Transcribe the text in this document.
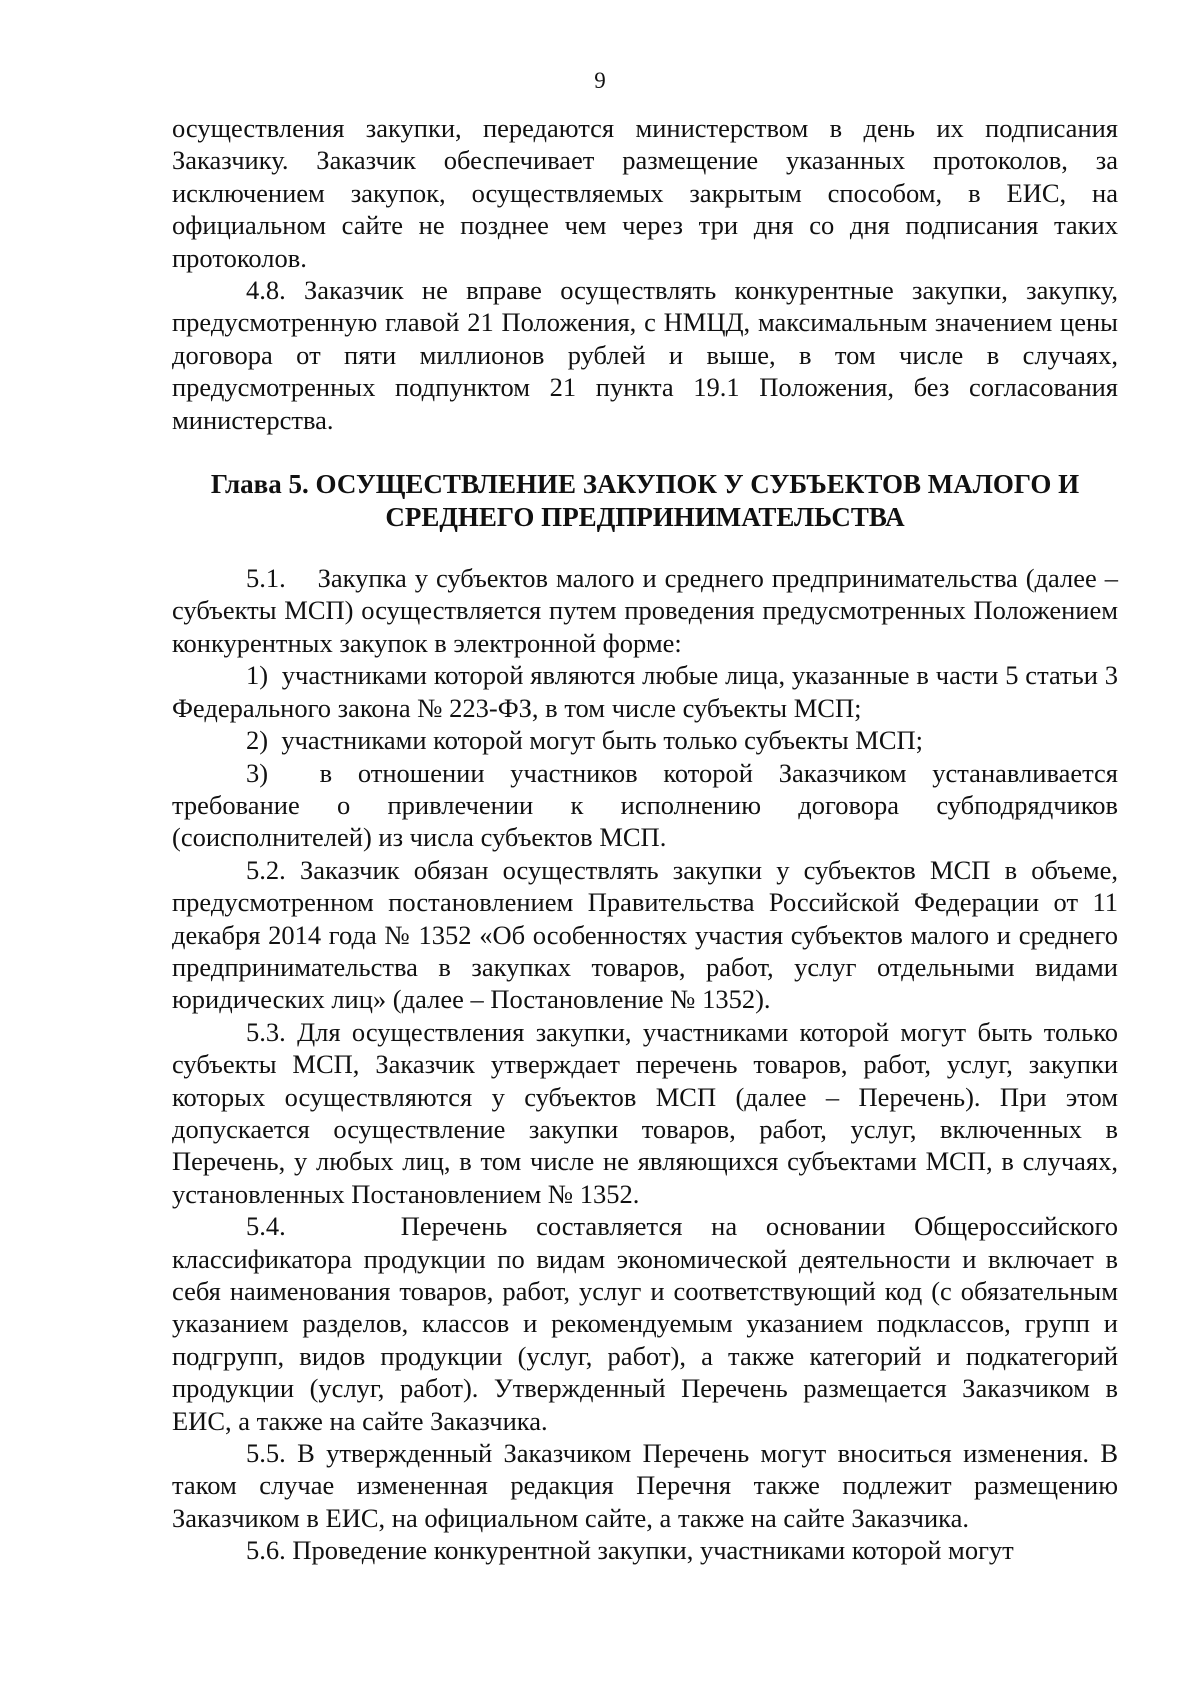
9

осуществления закупки, передаются министерством в день их подписания Заказчику. Заказчик обеспечивает размещение указанных протоколов, за исключением закупок, осуществляемых закрытым способом, в ЕИС, на официальном сайте не позднее чем через три дня со дня подписания таких протоколов.

4.8. Заказчик не вправе осуществлять конкурентные закупки, закупку, предусмотренную главой 21 Положения, с НМЦД, максимальным значением цены договора от пяти миллионов рублей и выше, в том числе в случаях, предусмотренных подпунктом 21 пункта 19.1 Положения, без согласования министерства.

Глава 5. ОСУЩЕСТВЛЕНИЕ ЗАКУПОК У СУБЪЕКТОВ МАЛОГО И
СРЕДНЕГО ПРЕДПРИНИМАТЕЛЬСТВА

5.1.    Закупка у субъектов малого и среднего предпринимательства (далее – субъекты МСП) осуществляется путем проведения предусмотренных Положением конкурентных закупок в электронной форме:

1)  участниками которой являются любые лица, указанные в части 5 статьи 3 Федерального закона № 223-ФЗ, в том числе субъекты МСП;

2)  участниками которой могут быть только субъекты МСП;

3)  в отношении участников которой Заказчиком устанавливается требование о привлечении к исполнению договора субподрядчиков (соисполнителей) из числа субъектов МСП.

5.2. Заказчик обязан осуществлять закупки у субъектов МСП в объеме, предусмотренном постановлением Правительства Российской Федерации от 11 декабря 2014 года № 1352 «Об особенностях участия субъектов малого и среднего предпринимательства в закупках товаров, работ, услуг отдельными видами юридических лиц» (далее – Постановление № 1352).

5.3. Для осуществления закупки, участниками которой могут быть только субъекты МСП, Заказчик утверждает перечень товаров, работ, услуг, закупки которых осуществляются у субъектов МСП (далее – Перечень). При этом допускается осуществление закупки товаров, работ, услуг, включенных в Перечень, у любых лиц, в том числе не являющихся субъектами МСП, в случаях, установленных Постановлением № 1352.

5.4.    Перечень составляется на основании Общероссийского классификатора продукции по видам экономической деятельности и включает в себя наименования товаров, работ, услуг и соответствующий код (с обязательным указанием разделов, классов и рекомендуемым указанием подклассов, групп и подгрупп, видов продукции (услуг, работ), а также категорий и подкатегорий продукции (услуг, работ). Утвержденный Перечень размещается Заказчиком в ЕИС, а также на сайте Заказчика.

5.5. В утвержденный Заказчиком Перечень могут вноситься изменения. В таком случае измененная редакция Перечня также подлежит размещению Заказчиком в ЕИС, на официальном сайте, а также на сайте Заказчика.

5.6. Проведение конкурентной закупки, участниками которой могут
